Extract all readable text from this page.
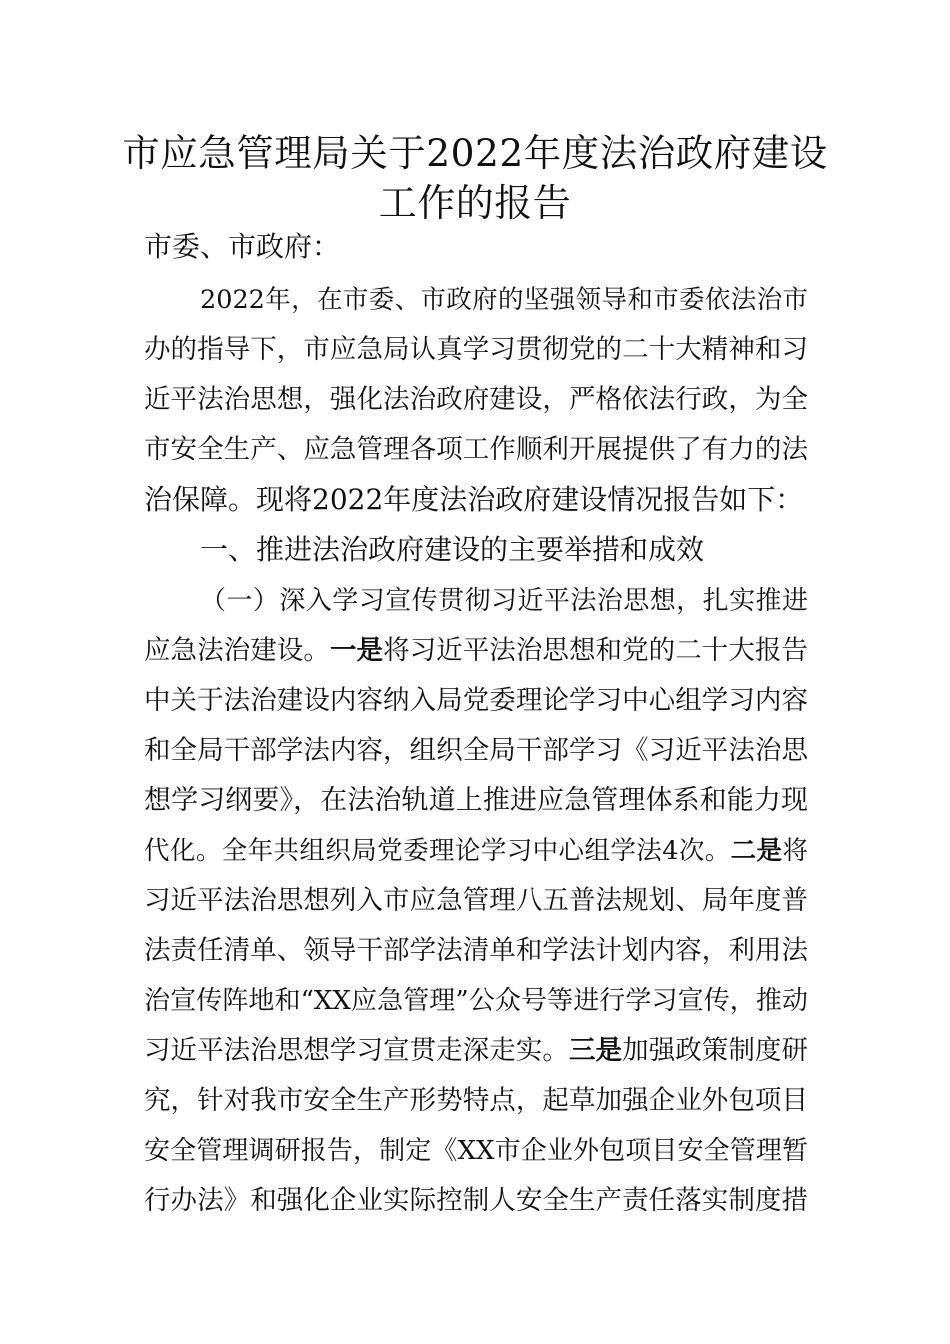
市应急管理局关于2022年度法治政府建设
工作的报告
市委、市政府：
2022年，在市委、市政府的坚强领导和市委依法治市
办的指导下，市应急局认真学习贯彻党的二十大精神和习
近平法治思想，强化法治政府建设，严格依法行政，为全
市安全生产、应急管理各项工作顺利开展提供了有力的法
治保障。现将2022年度法治政府建设情况报告如下：
一、推进法治政府建设的主要举措和成效
（一）深入学习宣传贯彻习近平法治思想，扎实推进
应急法治建设。一是将习近平法治思想和党的二十大报告
中关于法治建设内容纳入局党委理论学习中心组学习内容
和全局干部学法内容，组织全局干部学习《习近平法治思
想学习纲要》，在法治轨道上推进应急管理体系和能力现
代化。全年共组织局党委理论学习中心组学法4次。二是将
习近平法治思想列入市应急管理八五普法规划、局年度普
法责任清单、领导干部学法清单和学法计划内容，利用法
治宣传阵地和“XX应急管理”公众号等进行学习宣传，推动
习近平法治思想学习宣贯走深走实。三是加强政策制度研
究，针对我市安全生产形势特点，起草加强企业外包项目
安全管理调研报告，制定《XX市企业外包项目安全管理暂
行办法》和强化企业实际控制人安全生产责任落实制度措
